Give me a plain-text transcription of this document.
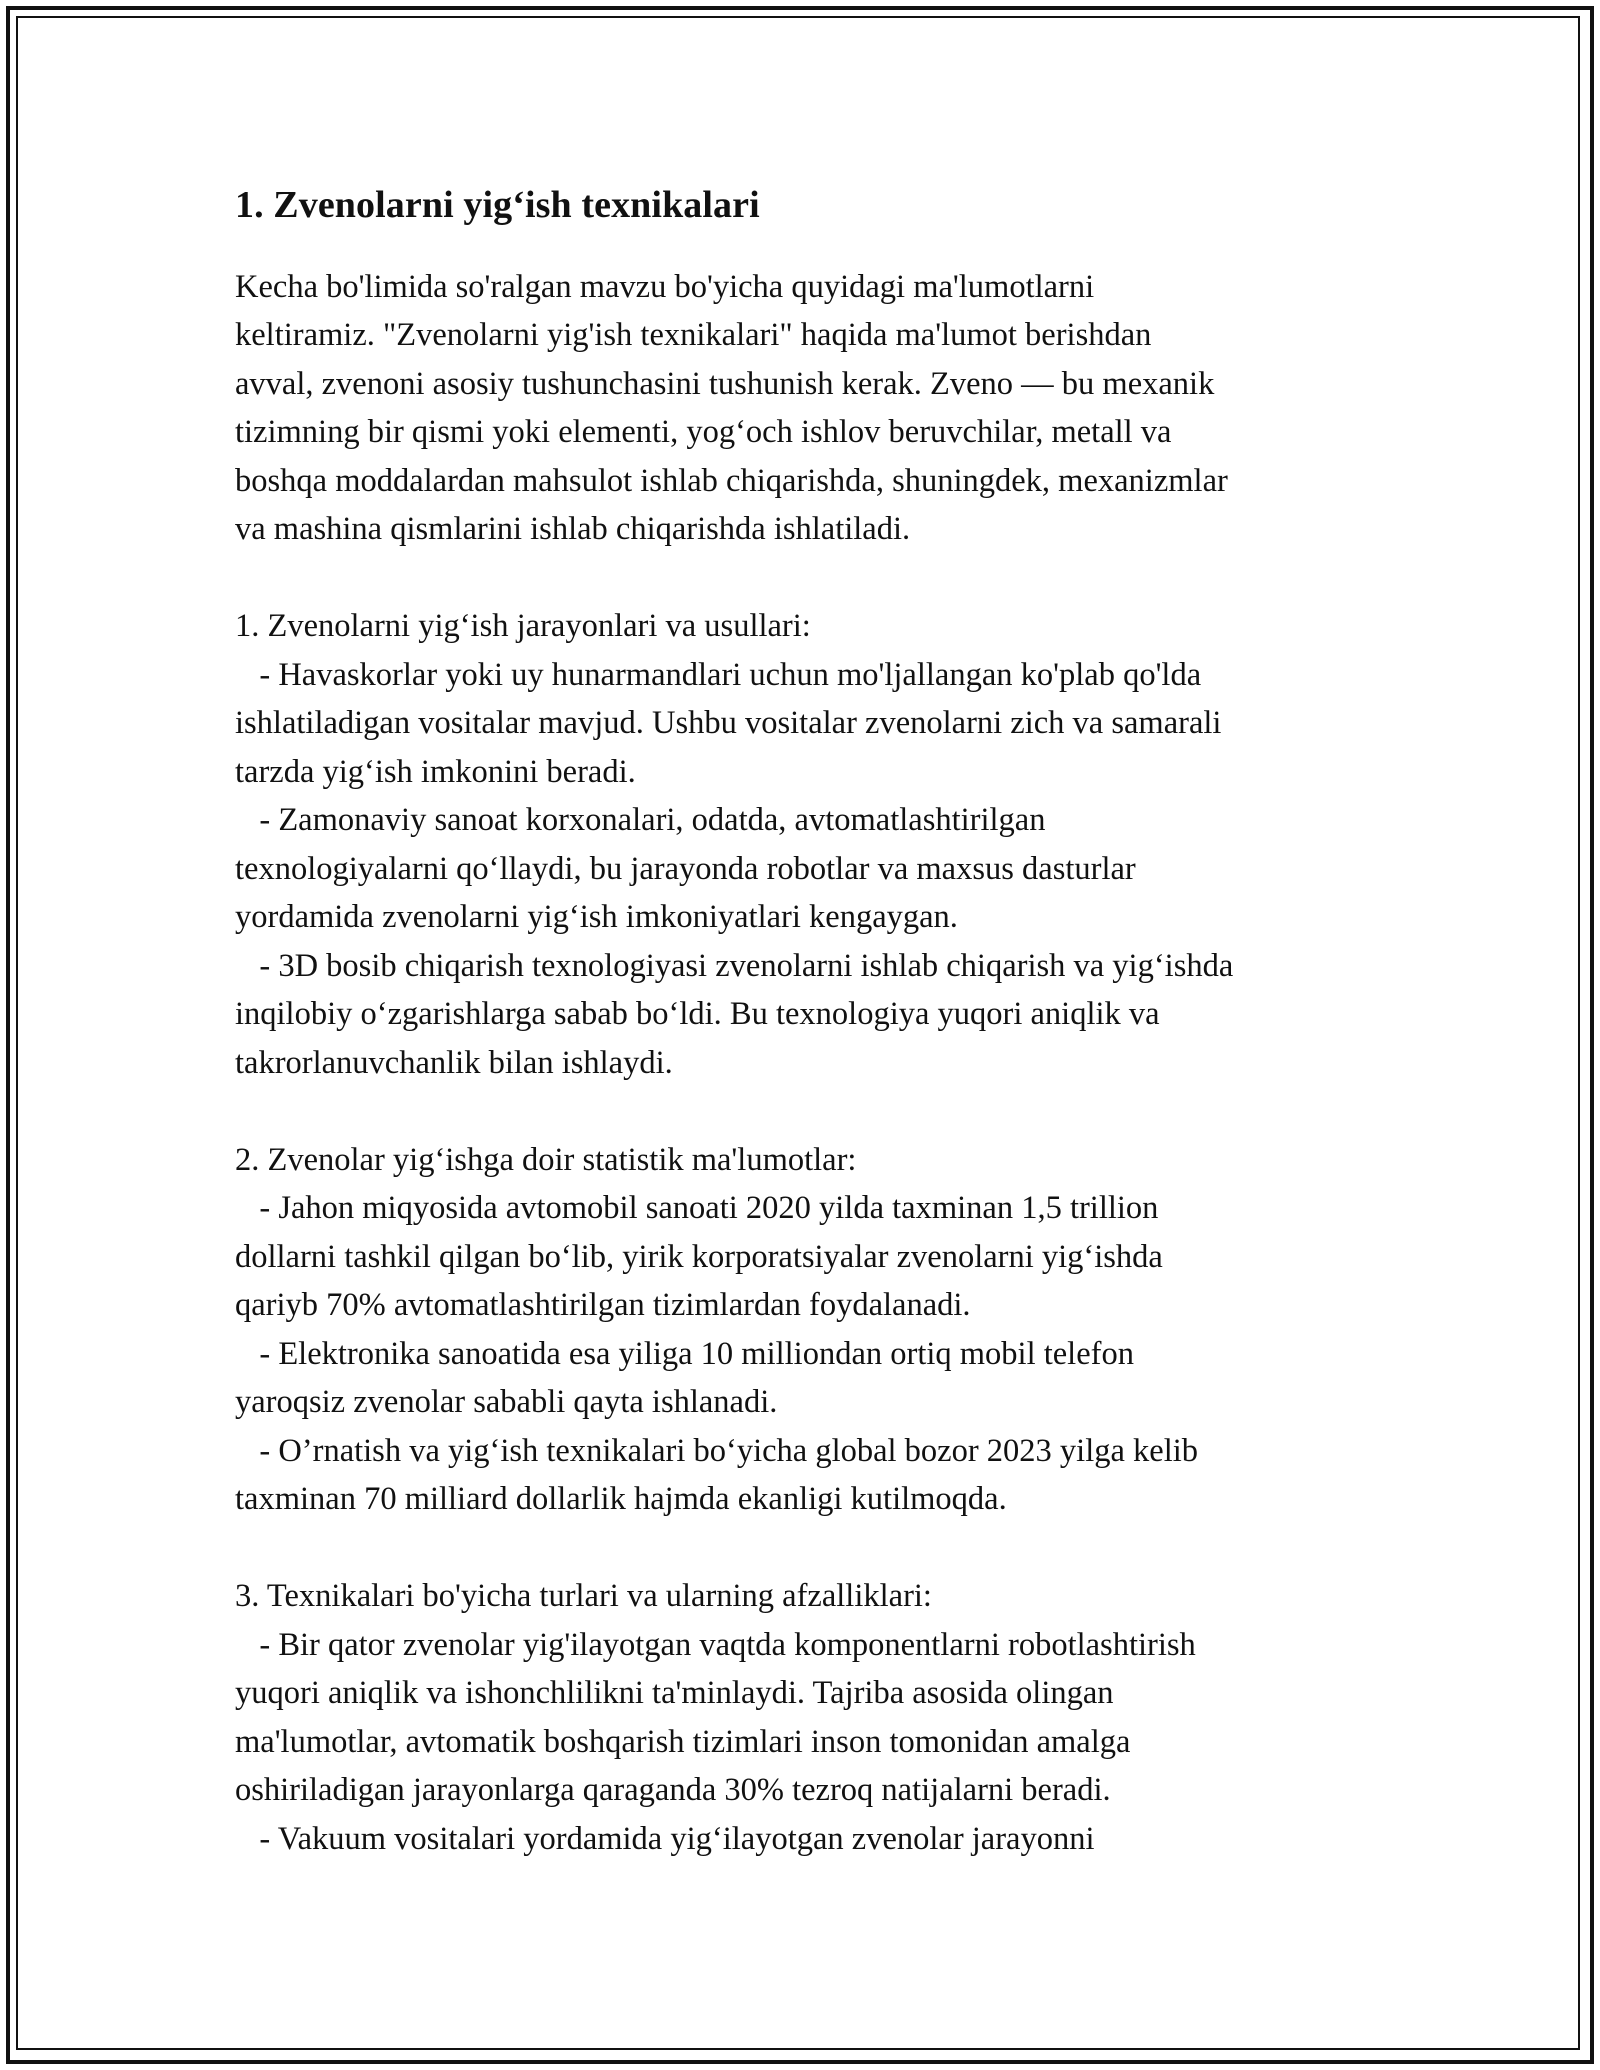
1. Zvenolarni yig‘ish texnikalari

Kecha bo'limida so'ralgan mavzu bo'yicha quyidagi ma'lumotlarni
keltiramiz. "Zvenolarni yig'ish texnikalari" haqida ma'lumot berishdan
avval, zvenoni asosiy tushunchasini tushunish kerak. Zveno — bu mexanik
tizimning bir qismi yoki elementi, yog‘och ishlov beruvchilar, metall va
boshqa moddalardan mahsulot ishlab chiqarishda, shuningdek, mexanizmlar
va mashina qismlarini ishlab chiqarishda ishlatiladi.

1. Zvenolarni yig‘ish jarayonlari va usullari:
- Havaskorlar yoki uy hunarmandlari uchun mo'ljallangan ko'plab qo'lda
ishlatiladigan vositalar mavjud. Ushbu vositalar zvenolarni zich va samarali
tarzda yig‘ish imkonini beradi.
- Zamonaviy sanoat korxonalari, odatda, avtomatlashtirilgan
texnologiyalarni qo‘llaydi, bu jarayonda robotlar va maxsus dasturlar
yordamida zvenolarni yig‘ish imkoniyatlari kengaygan.
- 3D bosib chiqarish texnologiyasi zvenolarni ishlab chiqarish va yig‘ishda
inqilobiy o‘zgarishlarga sabab bo‘ldi. Bu texnologiya yuqori aniqlik va
takrorlanuvchanlik bilan ishlaydi.

2. Zvenolar yig‘ishga doir statistik ma'lumotlar:
- Jahon miqyosida avtomobil sanoati 2020 yilda taxminan 1,5 trillion
dollarni tashkil qilgan bo‘lib, yirik korporatsiyalar zvenolarni yig‘ishda
qariyb 70% avtomatlashtirilgan tizimlardan foydalanadi.
- Elektronika sanoatida esa yiliga 10 milliondan ortiq mobil telefon
yaroqsiz zvenolar sababli qayta ishlanadi.
- O’rnatish va yig‘ish texnikalari bo‘yicha global bozor 2023 yilga kelib
taxminan 70 milliard dollarlik hajmda ekanligi kutilmoqda.

3. Texnikalari bo'yicha turlari va ularning afzalliklari:
- Bir qator zvenolar yig'ilayotgan vaqtda komponentlarni robotlashtirish
yuqori aniqlik va ishonchlilikni ta'minlaydi. Tajriba asosida olingan
ma'lumotlar, avtomatik boshqarish tizimlari inson tomonidan amalga
oshiriladigan jarayonlarga qaraganda 30% tezroq natijalarni beradi.
- Vakuum vositalari yordamida yig‘ilayotgan zvenolar jarayonni
